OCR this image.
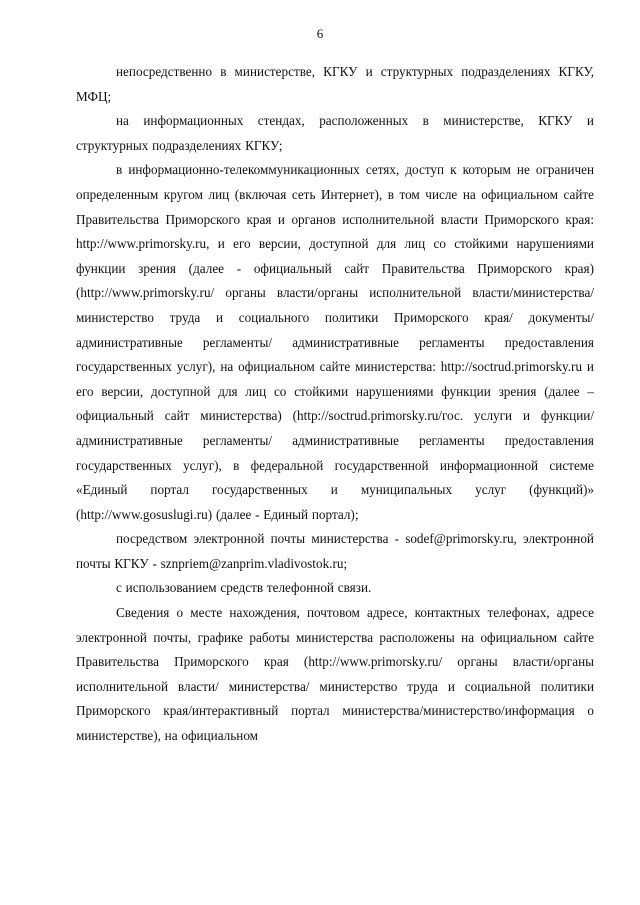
6

непосредственно в министерстве, КГКУ и структурных подразделениях КГКУ, МФЦ;

на информационных стендах, расположенных в министерстве, КГКУ и структурных подразделениях КГКУ;

в информационно-телекоммуникационных сетях, доступ к которым не ограничен определенным кругом лиц (включая сеть Интернет), в том числе на официальном сайте Правительства Приморского края и органов исполнительной власти Приморского края: http://www.primorsky.ru, и его версии, доступной для лиц со стойкими нарушениями функции зрения (далее - официальный сайт Правительства Приморского края) (http://www.primorsky.ru/ органы власти/органы исполнительной власти/министерства/министерство труда и социального политики Приморского края/ документы/ административные регламенты/ административные регламенты предоставления государственных услуг), на официальном сайте министерства: http://soctrud.primorsky.ru и его версии, доступной для лиц со стойкими нарушениями функции зрения (далее – официальный сайт министерства) (http://soctrud.primorsky.ru/гос. услуги и функции/ административные регламенты/ административные регламенты предоставления государственных услуг), в федеральной государственной информационной системе «Единый портал государственных и муниципальных услуг (функций)» (http://www.gosuslugi.ru) (далее - Единый портал);

посредством электронной почты министерства - sodef@primorsky.ru, электронной почты КГКУ - sznpriem@zanprim.vladivostok.ru;

с использованием средств телефонной связи.

Сведения о месте нахождения, почтовом адресе, контактных телефонах, адресе электронной почты, графике работы министерства расположены на официальном сайте Правительства Приморского края (http://www.primorsky.ru/ органы власти/органы исполнительной власти/ министерства/ министерство труда и социальной политики Приморского края/интерактивный портал министерства/министерство/информация о министерстве), на официальном
